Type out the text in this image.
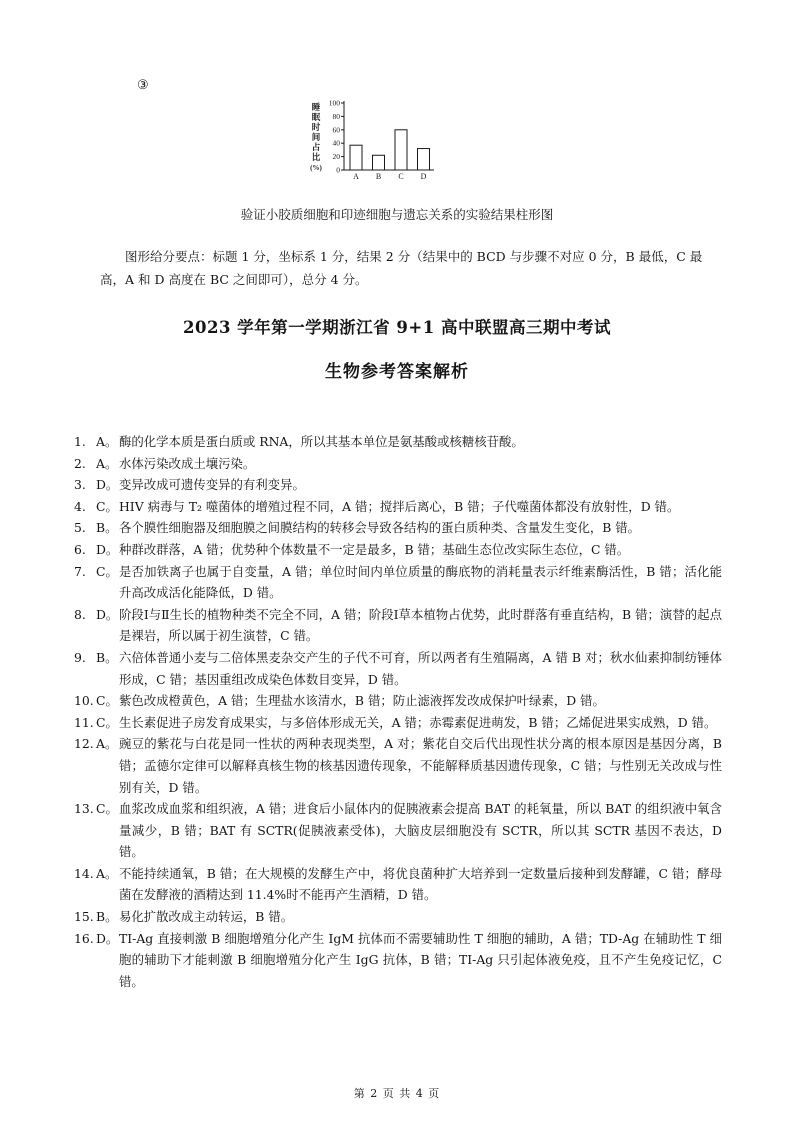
③
0
20
40
60
80
100
睡
眠
时
间
占
比
(%)
A B C D
验证小胶质细胞和印迹细胞与遗忘关系的实验结果柱形图
图形给分要点：标题 1 分，坐标系 1 分，结果 2 分（结果中的 BCD 与步骤不对应 0 分，B 最低，C 最高，A 和 D 高度在 BC 之间即可），总分 4 分。
2023 学年第一学期浙江省 9+1 高中联盟高三期中考试
生物参考答案解析
1. A。 酶的化学本质是蛋白质或 RNA，所以其基本单位是氨基酸或核糖核苷酸。
2. A。 水体污染改成土壤污染。
3. D。 变异改成可遗传变异的有利变异。
4. C。 HIV 病毒与 T₂ 噬菌体的增殖过程不同，A 错；搅拌后离心，B 错；子代噬菌体都没有放射性，D 错。
5. B。 各个膜性细胞器及细胞膜之间膜结构的转移会导致各结构的蛋白质种类、含量发生变化，B 错。
6. D。 种群改群落，A 错；优势种个体数量不一定是最多，B 错；基础生态位改实际生态位，C 错。
7. C。 是否加铁离子也属于自变量，A 错；单位时间内单位质量的酶底物的消耗量表示纤维素酶活性，B 错；活化能升高改成活化能降低，D 错。
8. D。 阶段Ⅰ与Ⅱ生长的植物种类不完全不同，A 错；阶段Ⅰ草本植物占优势，此时群落有垂直结构，B 错；演替的起点是裸岩，所以属于初生演替，C 错。
9. B。 六倍体普通小麦与二倍体黑麦杂交产生的子代不可育，所以两者有生殖隔离，A 错 B 对；秋水仙素抑制纺锤体形成，C 错；基因重组改成染色体数目变异，D 错。
10. C。 紫色改成橙黄色，A 错；生理盐水该清水，B 错；防止滤液挥发改成保护叶绿素，D 错。
11. C。 生长素促进子房发育成果实，与多倍体形成无关，A 错；赤霉素促进萌发，B 错；乙烯促进果实成熟，D 错。
12. A。 豌豆的紫花与白花是同一性状的两种表现类型，A 对；紫花自交后代出现性状分离的根本原因是基因分离，B 错；孟德尔定律可以解释真核生物的核基因遗传现象，不能解释质基因遗传现象，C 错；与性别无关改成与性别有关，D 错。
13. C。 血浆改成血浆和组织液，A 错；进食后小鼠体内的促胰液素会提高 BAT 的耗氧量，所以 BAT 的组织液中氧含量减少，B 错；BAT 有 SCTR(促胰液素受体)，大脑皮层细胞没有 SCTR，所以其 SCTR 基因不表达，D 错。
14. A。 不能持续通氧，B 错；在大规模的发酵生产中，将优良菌种扩大培养到一定数量后接种到发酵罐，C 错；酵母菌在发酵液的酒精达到 11.4%时不能再产生酒精，D 错。
15. B。 易化扩散改成主动转运，B 错。
16. D。 TI-Ag 直接刺激 B 细胞增殖分化产生 IgM 抗体而不需要辅助性 T 细胞的辅助，A 错；TD-Ag 在辅助性 T 细胞的辅助下才能刺激 B 细胞增殖分化产生 IgG 抗体，B 错；TI-Ag 只引起体液免疫，且不产生免疫记忆，C 错。
第 2 页 共 4 页
